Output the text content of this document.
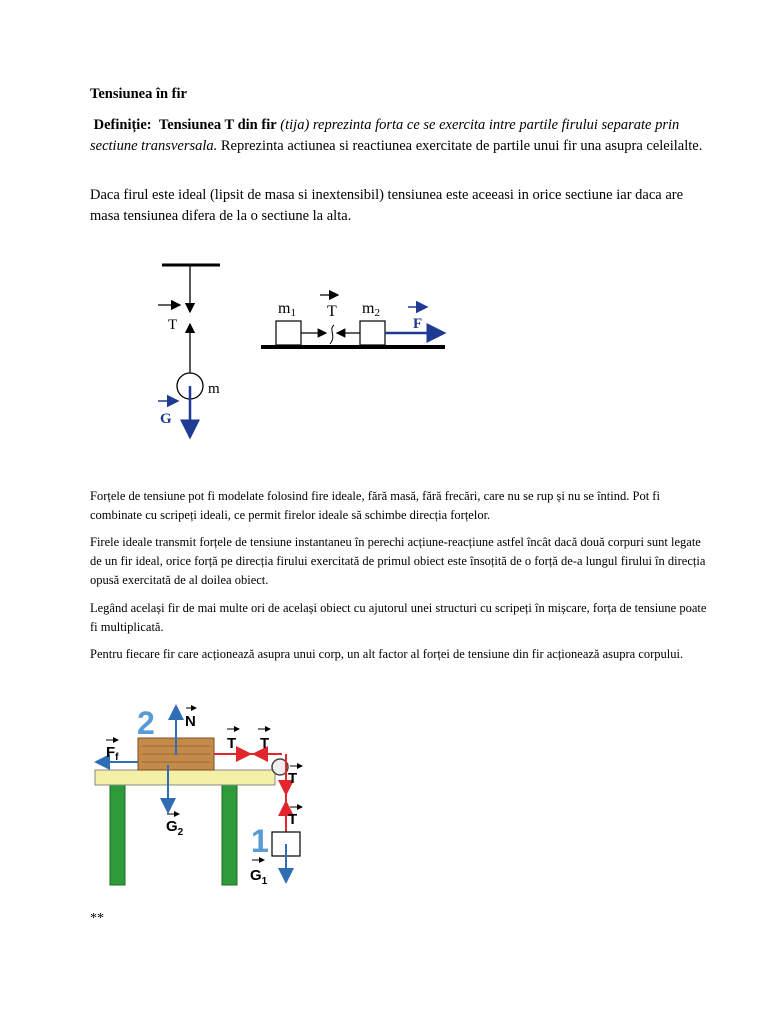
Tensiunea în fir
Definiție: Tensiunea T din fir (tija) reprezinta forta ce se exercita intre partile firului separate prin sectiune transversala. Reprezinta actiunea si reactiunea exercitate de partile unui fir una asupra celeilalte.
Daca firul este ideal (lipsit de masa si inextensibil) tensiunea este aceeasi in orice sectiune iar daca are masa tensiunea difera de la o sectiune la alta.
T
m
G
m1 T m2
F
Forțele de tensiune pot fi modelate folosind fire ideale, fără masă, fără frecări, care nu se rup și nu se întind. Pot fi combinate cu scripeți ideali, ce permit firelor ideale să schimbe direcția forțelor.
Firele ideale transmit forțele de tensiune instantaneu în perechi acțiune-reacțiune astfel încât dacă două corpuri sunt legate de un fir ideal, orice forță pe direcția firului exercitată de primul obiect este însoțită de o forță de-a lungul firului în direcția opusă exercitată de al doilea obiect.
Legând același fir de mai multe ori de același obiect cu ajutorul unei structuri cu scripeți în mișcare, forța de tensiune poate fi multiplicată.
Pentru fiecare fir care acționează asupra unui corp, un alt factor al forței de tensiune din fir acționează asupra corpului.
2 N
$F_f$
$G_2$
T T
T
T
1
$G_1$
**
